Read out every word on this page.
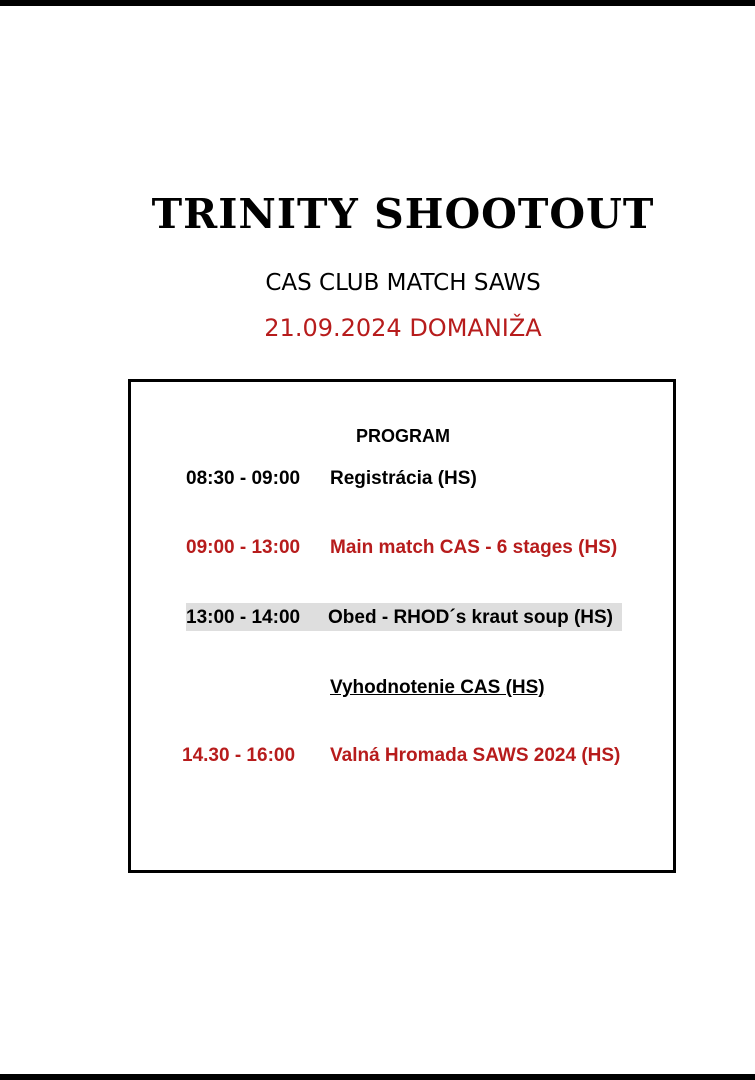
TRINITY SHOOTOUT
CAS CLUB MATCH SAWS
21.09.2024 DOMANIŽA
PROGRAM
08:30 - 09:00 Registrácia (HS)
09:00 - 13:00 Main match CAS - 6 stages (HS)
13:00 - 14:00 Obed - RHOD´s kraut soup (HS)
Vyhodnotenie CAS (HS)
14.30 - 16:00 Valná Hromada SAWS 2024 (HS)
